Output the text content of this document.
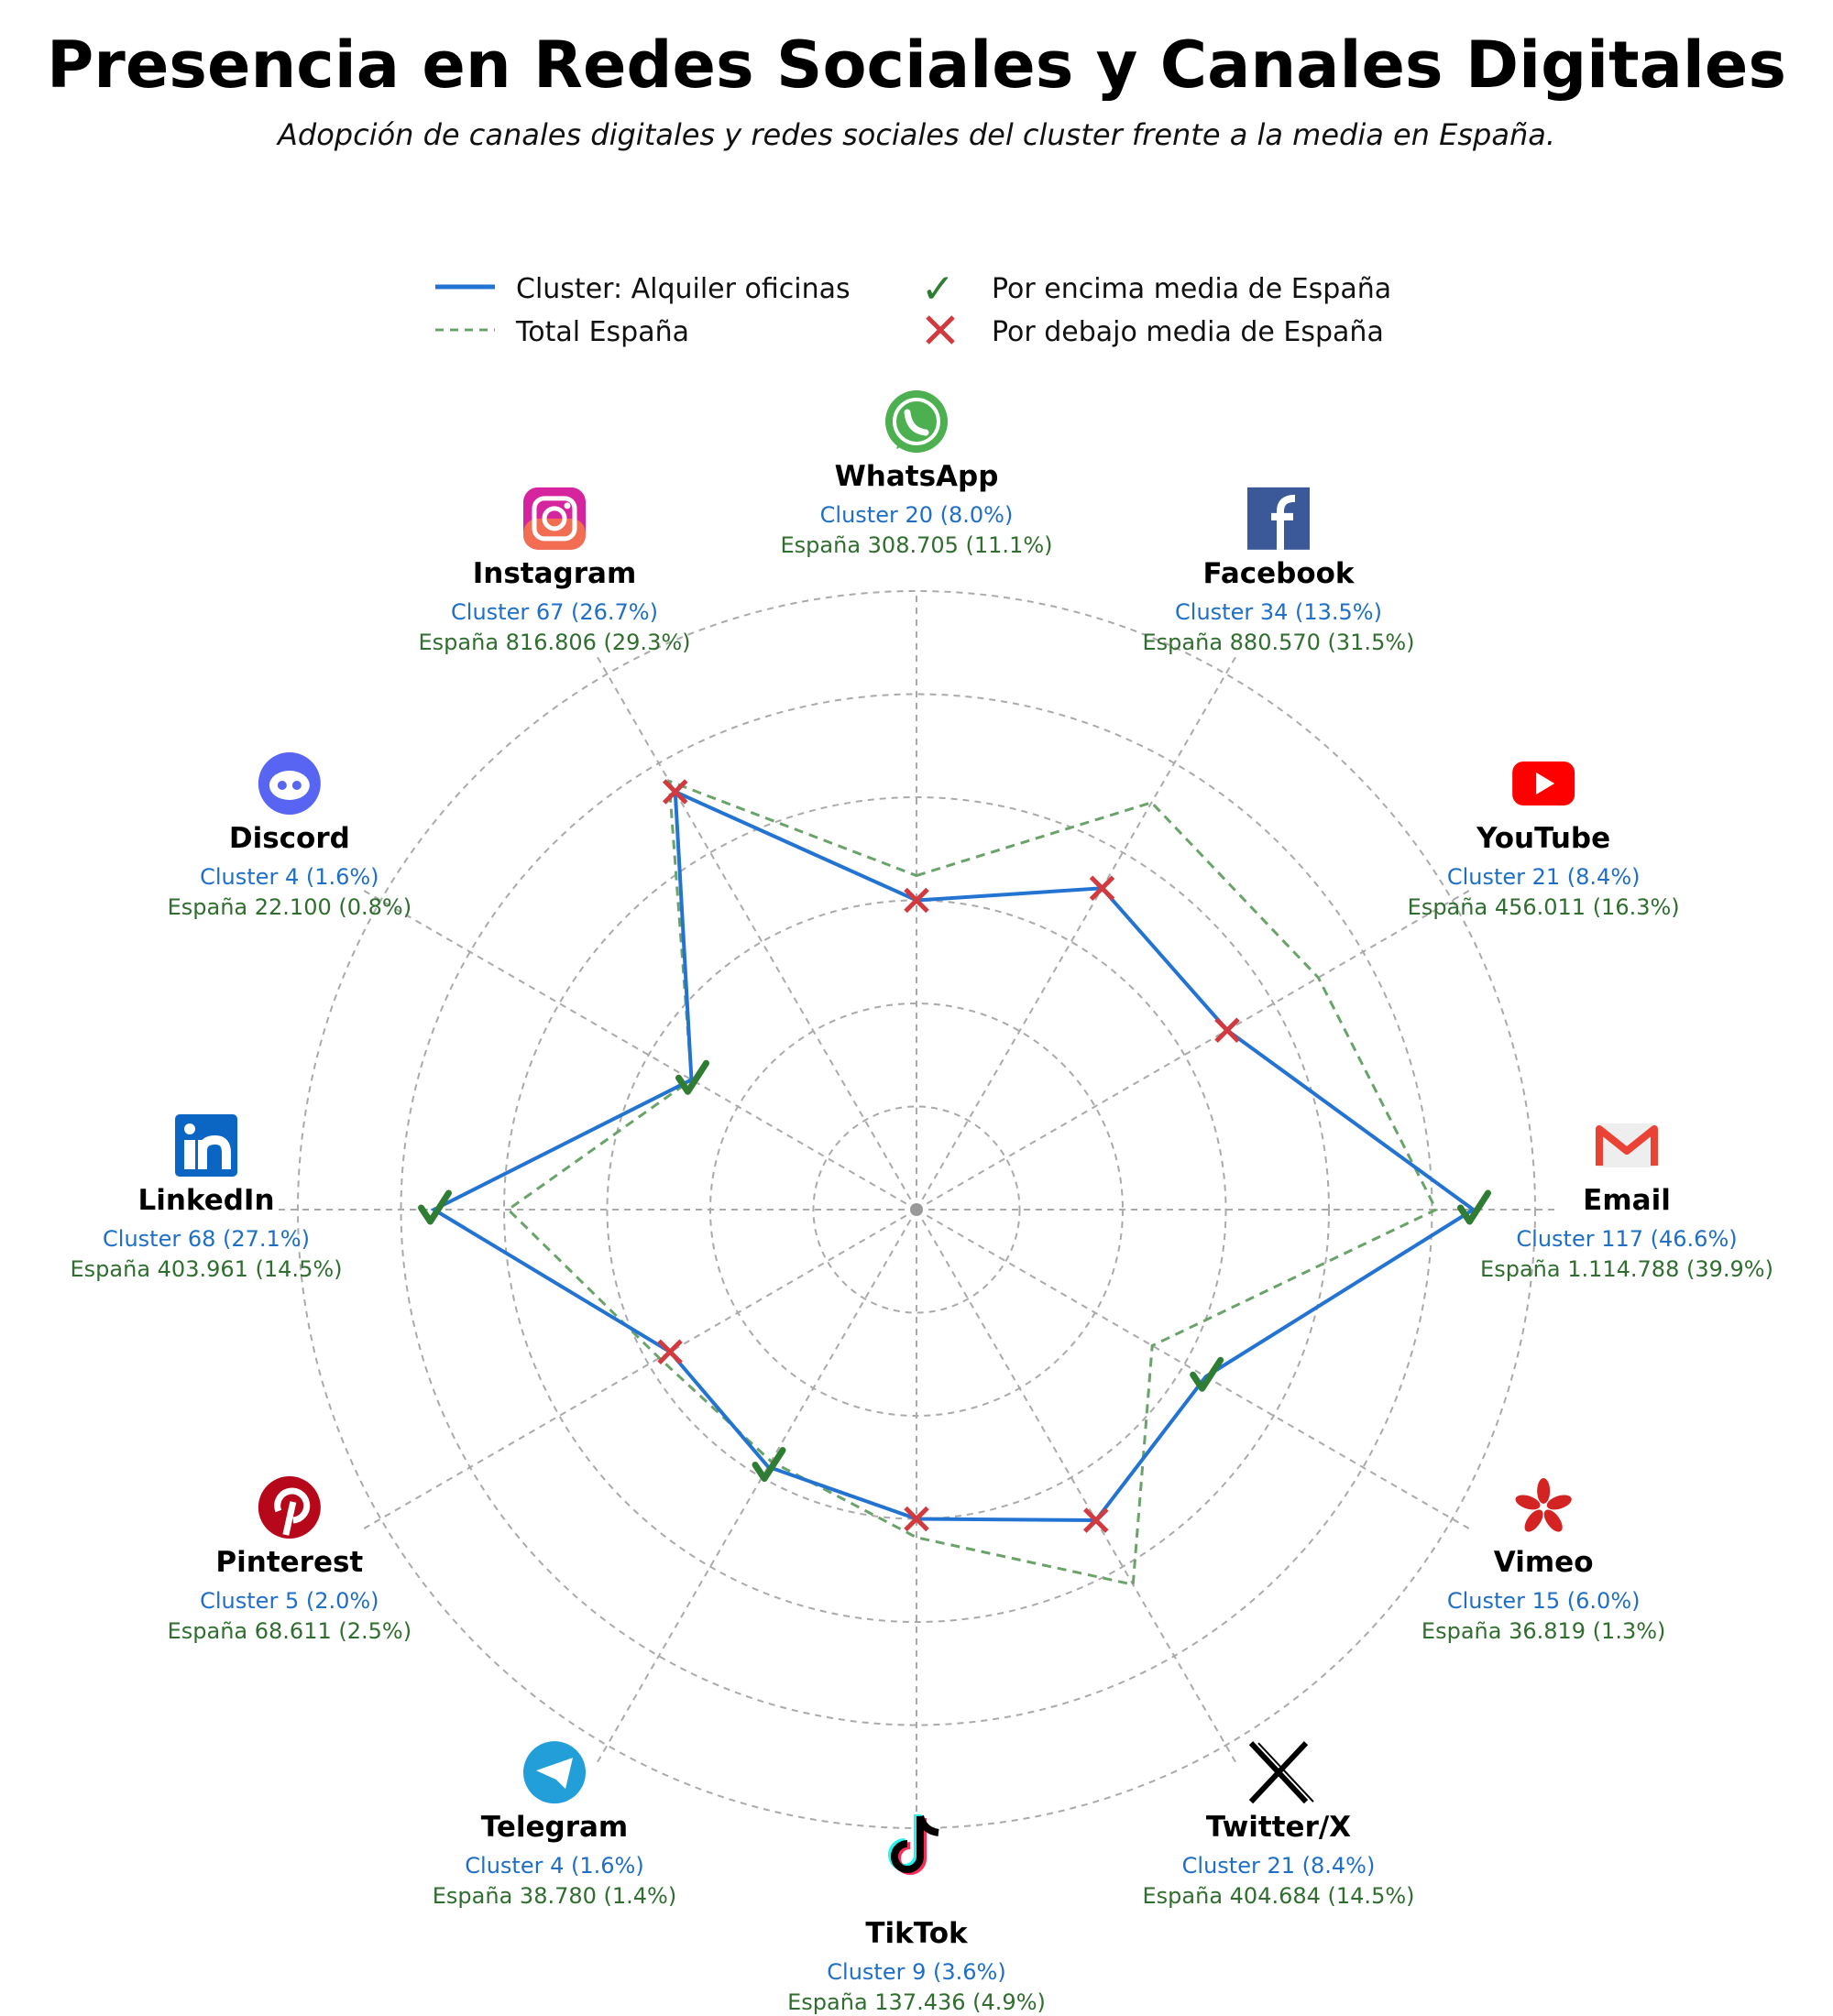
Presencia en Redes Sociales y Canales Digitales
Adopción de canales digitales y redes sociales del cluster frente a la media en España.
Cluster: Alquiler oficinas
Total España
✓ Por encima media de España
Por debajo media de España
WhatsApp
Cluster 20 (8.0%)
España 308.705 (11.1%)
Facebook
Cluster 34 (13.5%)
España 880.570 (31.5%)
YouTube
Cluster 21 (8.4%)
España 456.011 (16.3%)
Email
Cluster 117 (46.6%)
España 1.114.788 (39.9%)
Vimeo
Cluster 15 (6.0%)
España 36.819 (1.3%)
Twitter/X
Cluster 21 (8.4%)
España 404.684 (14.5%)
TikTok
Cluster 9 (3.6%)
España 137.436 (4.9%)
Telegram
Cluster 4 (1.6%)
España 38.780 (1.4%)
Pinterest
Cluster 5 (2.0%)
España 68.611 (2.5%)
LinkedIn
Cluster 68 (27.1%)
España 403.961 (14.5%)
Discord
Cluster 4 (1.6%)
España 22.100 (0.8%)
Instagram
Cluster 67 (26.7%)
España 816.806 (29.3%)
